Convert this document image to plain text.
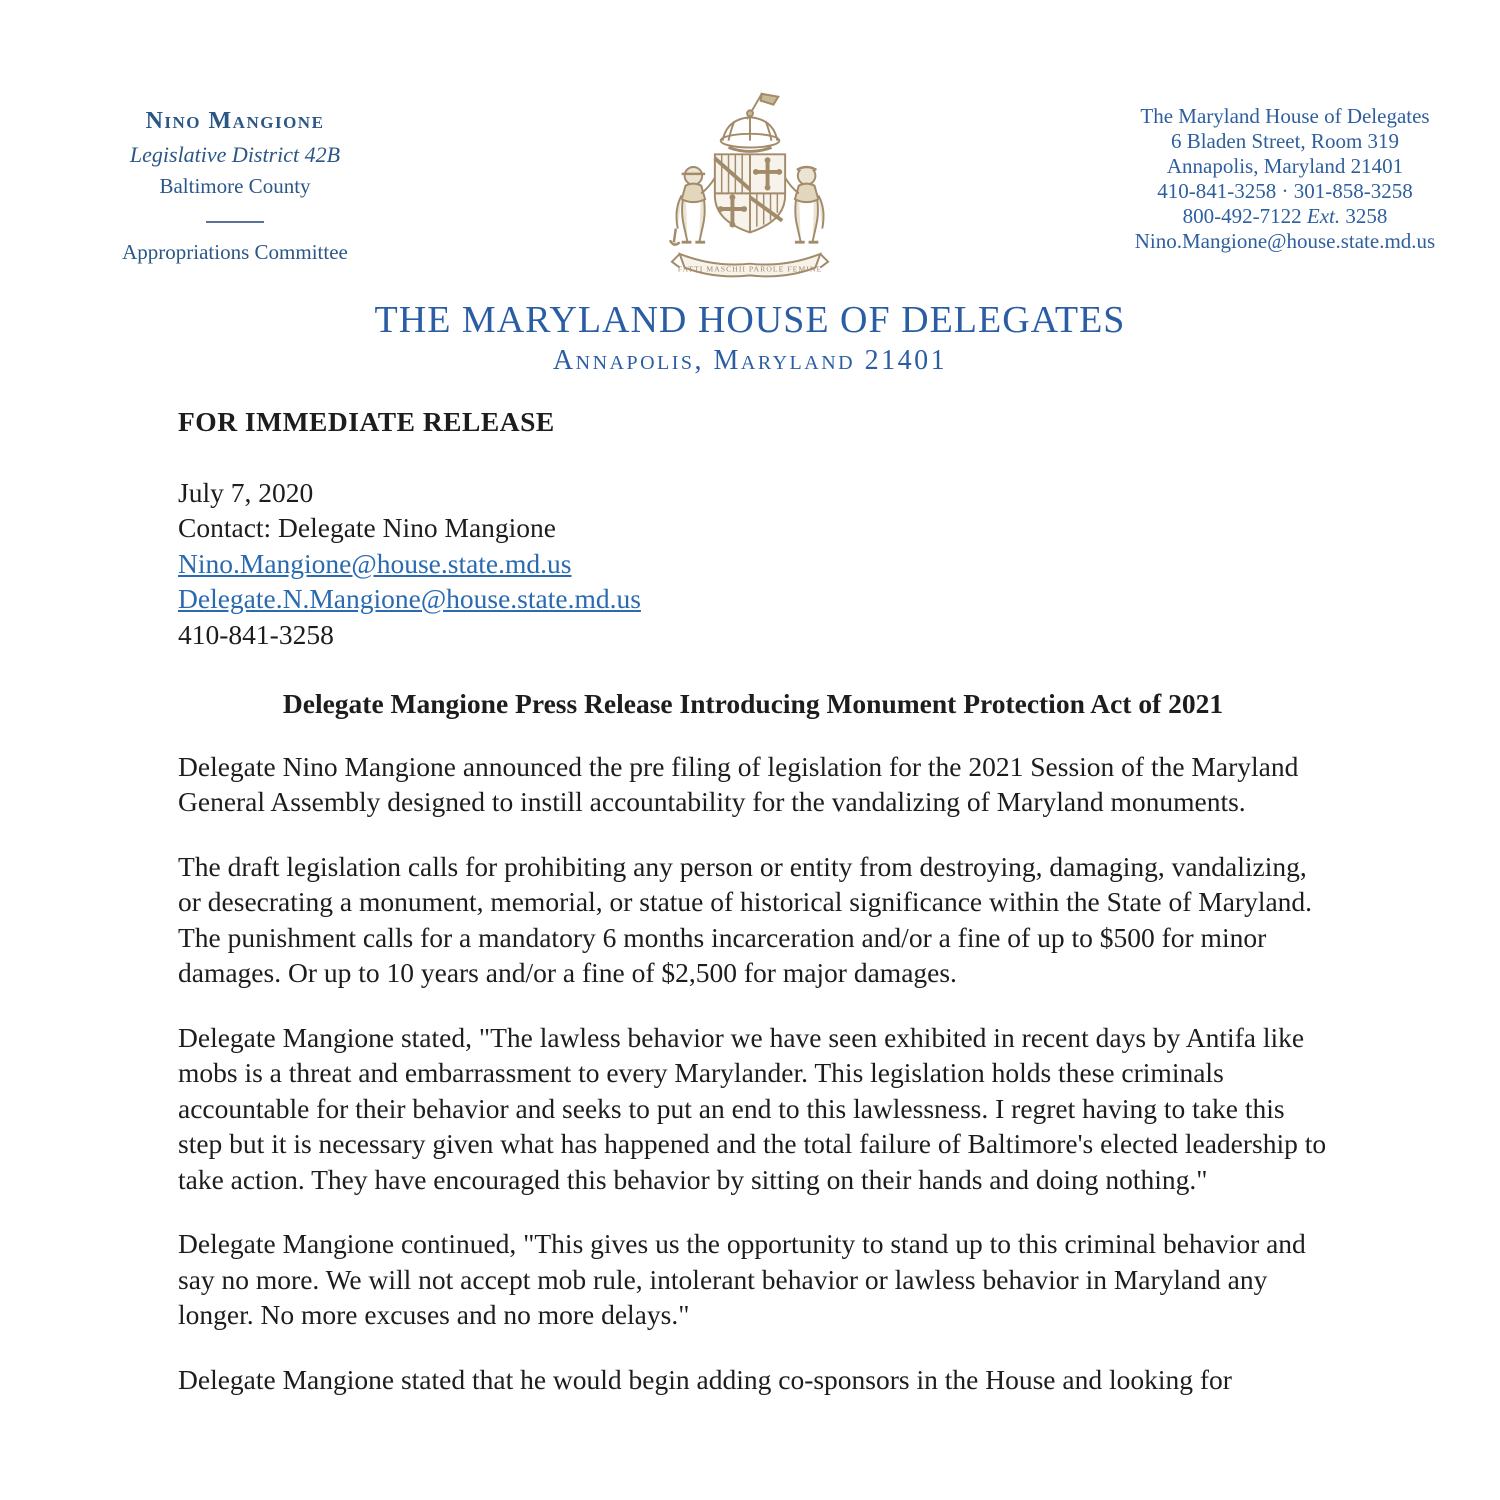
Nino Mangione
Legislative District 42B
Baltimore County
Appropriations Committee
FATTI MASCHII PAROLE FEMINE
The Maryland House of Delegates
6 Bladen Street, Room 319
Annapolis, Maryland 21401
410-841-3258 · 301-858-3258
800-492-7122 Ext. 3258
Nino.Mangione@house.state.md.us
THE MARYLAND HOUSE OF DELEGATES
Annapolis, Maryland 21401
FOR IMMEDIATE RELEASE
July 7, 2020
Contact: Delegate Nino Mangione
Nino.Mangione@house.state.md.us
Delegate.N.Mangione@house.state.md.us
410-841-3258
Delegate Mangione Press Release Introducing Monument Protection Act of 2021

Delegate Nino Mangione announced the pre filing of legislation for the 2021 Session of the Maryland General Assembly designed to instill accountability for the vandalizing of Maryland monuments.

The draft legislation calls for prohibiting any person or entity from destroying, damaging, vandalizing, or desecrating a monument, memorial, or statue of historical significance within the State of Maryland. The punishment calls for a mandatory 6 months incarceration and/or a fine of up to $500 for minor damages. Or up to 10 years and/or a fine of $2,500 for major damages.

Delegate Mangione stated, "The lawless behavior we have seen exhibited in recent days by Antifa like mobs is a threat and embarrassment to every Marylander. This legislation holds these criminals accountable for their behavior and seeks to put an end to this lawlessness. I regret having to take this step but it is necessary given what has happened and the total failure of Baltimore's elected leadership to take action. They have encouraged this behavior by sitting on their hands and doing nothing."

Delegate Mangione continued, "This gives us the opportunity to stand up to this criminal behavior and say no more. We will not accept mob rule, intolerant behavior or lawless behavior in Maryland any longer. No more excuses and no more delays."

Delegate Mangione stated that he would begin adding co-sponsors in the House and looking for
